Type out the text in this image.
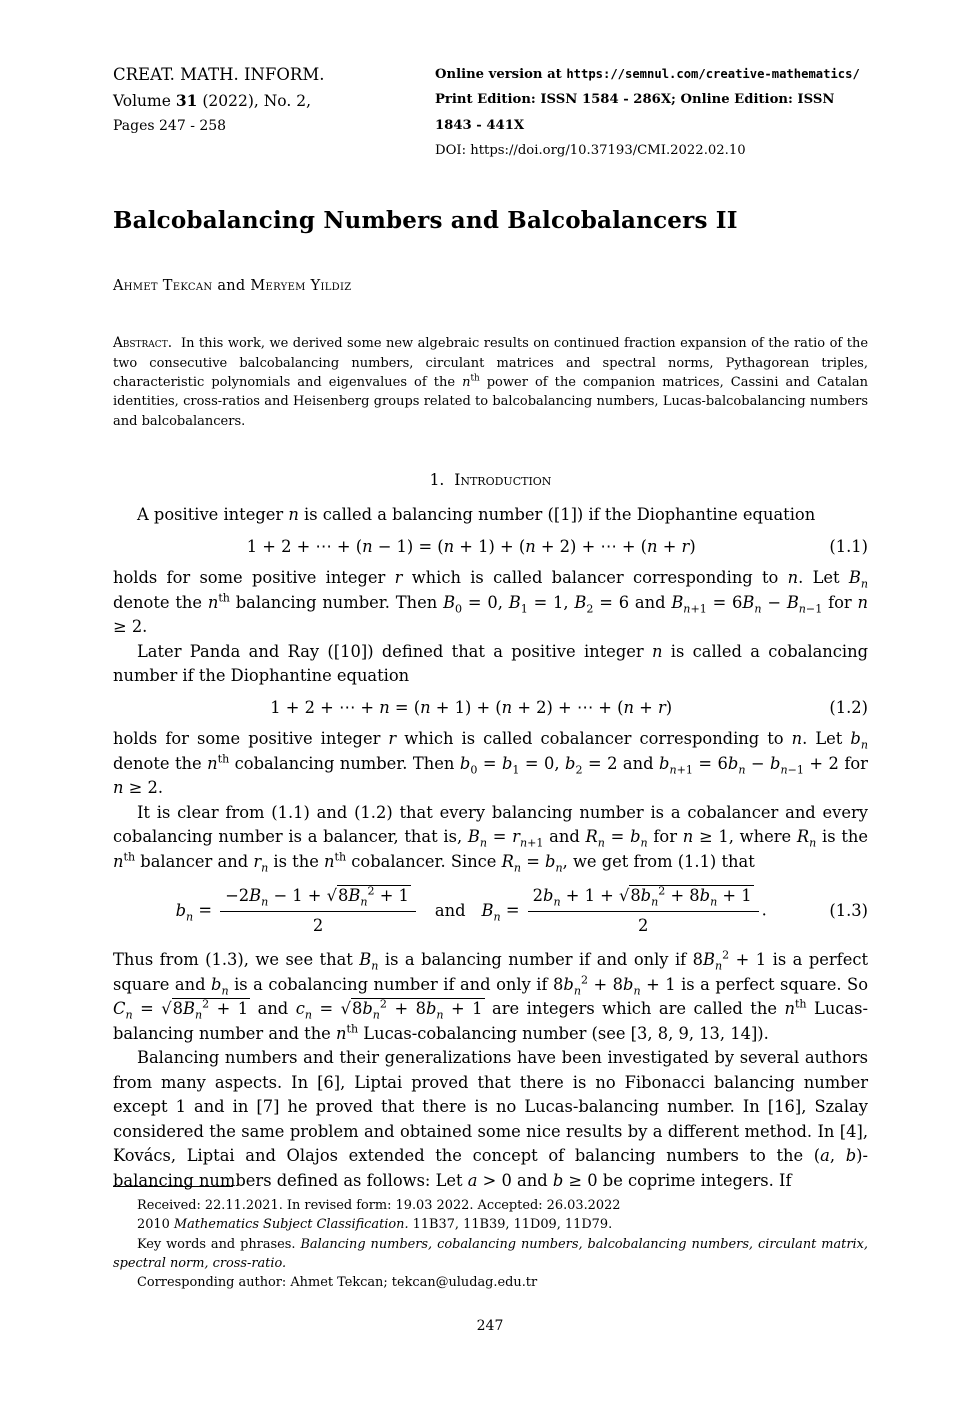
CREAT. MATH. INFORM.
Volume 31 (2022), No. 2,
Pages 247 - 258
Online version at https://semnul.com/creative-mathematics/
Print Edition: ISSN 1584 - 286X; Online Edition: ISSN 1843 - 441X
DOI: https://doi.org/10.37193/CMI.2022.02.10
Balcobalancing Numbers and Balcobalancers II
Ahmet Tekcan and Meryem Yildiz

Abstract. In this work, we derived some new algebraic results on continued fraction expansion of the ratio of the two consecutive balcobalancing numbers, circulant matrices and spectral norms, Pythagorean triples, characteristic polynomials and eigenvalues of the $n^{th}$ power of the companion matrices, Cassini and Catalan identities, cross-ratios and Heisenberg groups related to balcobalancing numbers, Lucas-balcobalancing numbers and balcobalancers.

1. Introduction

A positive integer n is called a balancing number ([1]) if the Diophantine equation

1 + 2 + ⋯ + (n − 1) = (n + 1) + (n + 2) + ⋯ + (n + r)	(1.1)

holds for some positive integer r which is called balancer corresponding to n. Let $B_n$ denote the $n^{th}$ balancing number. Then $B_0 = 0$, $B_1 = 1$, $B_2 = 6$ and $B_{n+1} = 6B_n - B_{n-1}$ for n ≥ 2.

Later Panda and Ray ([10]) defined that a positive integer n is called a cobalancing number if the Diophantine equation

1 + 2 + ⋯ + n = (n + 1) + (n + 2) + ⋯ + (n + r)	(1.2)

holds for some positive integer r which is called cobalancer corresponding to n. Let $b_n$ denote the $n^{th}$ cobalancing number. Then $b_0 = b_1 = 0$, $b_2 = 2$ and $b_{n+1} = 6b_n - b_{n-1} + 2$ for n ≥ 2.

It is clear from (1.1) and (1.2) that every balancing number is a cobalancer and every cobalancing number is a balancer, that is, $B_n = r_{n+1}$ and $R_n = b_n$ for n ≥ 1, where $R_n$ is the $n^{th}$ balancer and $r_n$ is the $n^{th}$ cobalancer. Since $R_n = b_n$, we get from (1.1) that

$b_n = \frac{-2B_n - 1 + √8B_n^2 + 1}{2}$ and $B_n = \frac{2b_n + 1 + √8b_n^2 + 8b_n + 1}{2}$ .	(1.3)

Thus from (1.3), we see that $B_n$ is a balancing number if and only if $8B_n^2 + 1$ is a perfect square and $b_n$ is a cobalancing number if and only if $8b_n^2 + 8b_n + 1$ is a perfect square. So $C_n = √8B_n^2 + 1$ and $c_n = √8b_n^2 + 8b_n + 1$ are integers which are called the $n^{th}$ Lucas-balancing number and the $n^{th}$ Lucas-cobalancing number (see [3, 8, 9, 13, 14]).

Balancing numbers and their generalizations have been investigated by several authors from many aspects. In [6], Liptai proved that there is no Fibonacci balancing number except 1 and in [7] he proved that there is no Lucas-balancing number. In [16], Szalay considered the same problem and obtained some nice results by a different method. In [4], Kovács, Liptai and Olajos extended the concept of balancing numbers to the (a, b)-balancing numbers defined as follows: Let a > 0 and b ≥ 0 be coprime integers. If

Received: 22.11.2021. In revised form: 19.03 2022. Accepted: 26.03.2022

2010 Mathematics Subject Classification. 11B37, 11B39, 11D09, 11D79.

Key words and phrases. Balancing numbers, cobalancing numbers, balcobalancing numbers, circulant matrix, spectral norm, cross-ratio.

Corresponding author: Ahmet Tekcan; tekcan@uludag.edu.tr

247
